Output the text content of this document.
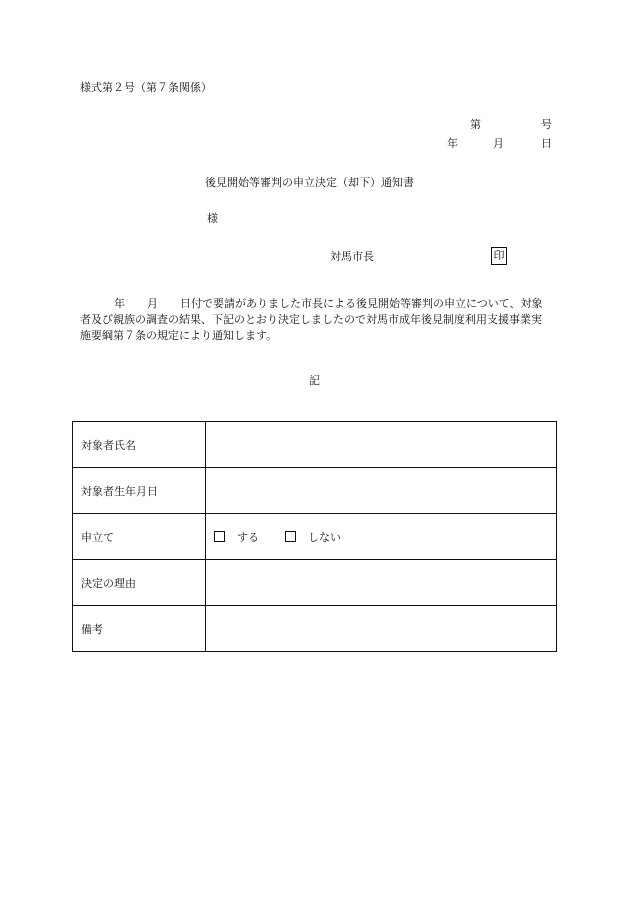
様式第２号（第７条関係）
第	号
年	月	日
後見開始等審判の申立決定（却下）通知書
様
対馬市長	印
年 月 日付で要請がありました市長による後見開始等審判の申立について、対象者及び親族の調査の結果、下記のとおり決定しましたので対馬市成年後見制度利用支援事業実施要綱第７条の規定により通知します。
記
対象者氏名	
対象者生年月日	
申立て	する しない
決定の理由	
備考	
